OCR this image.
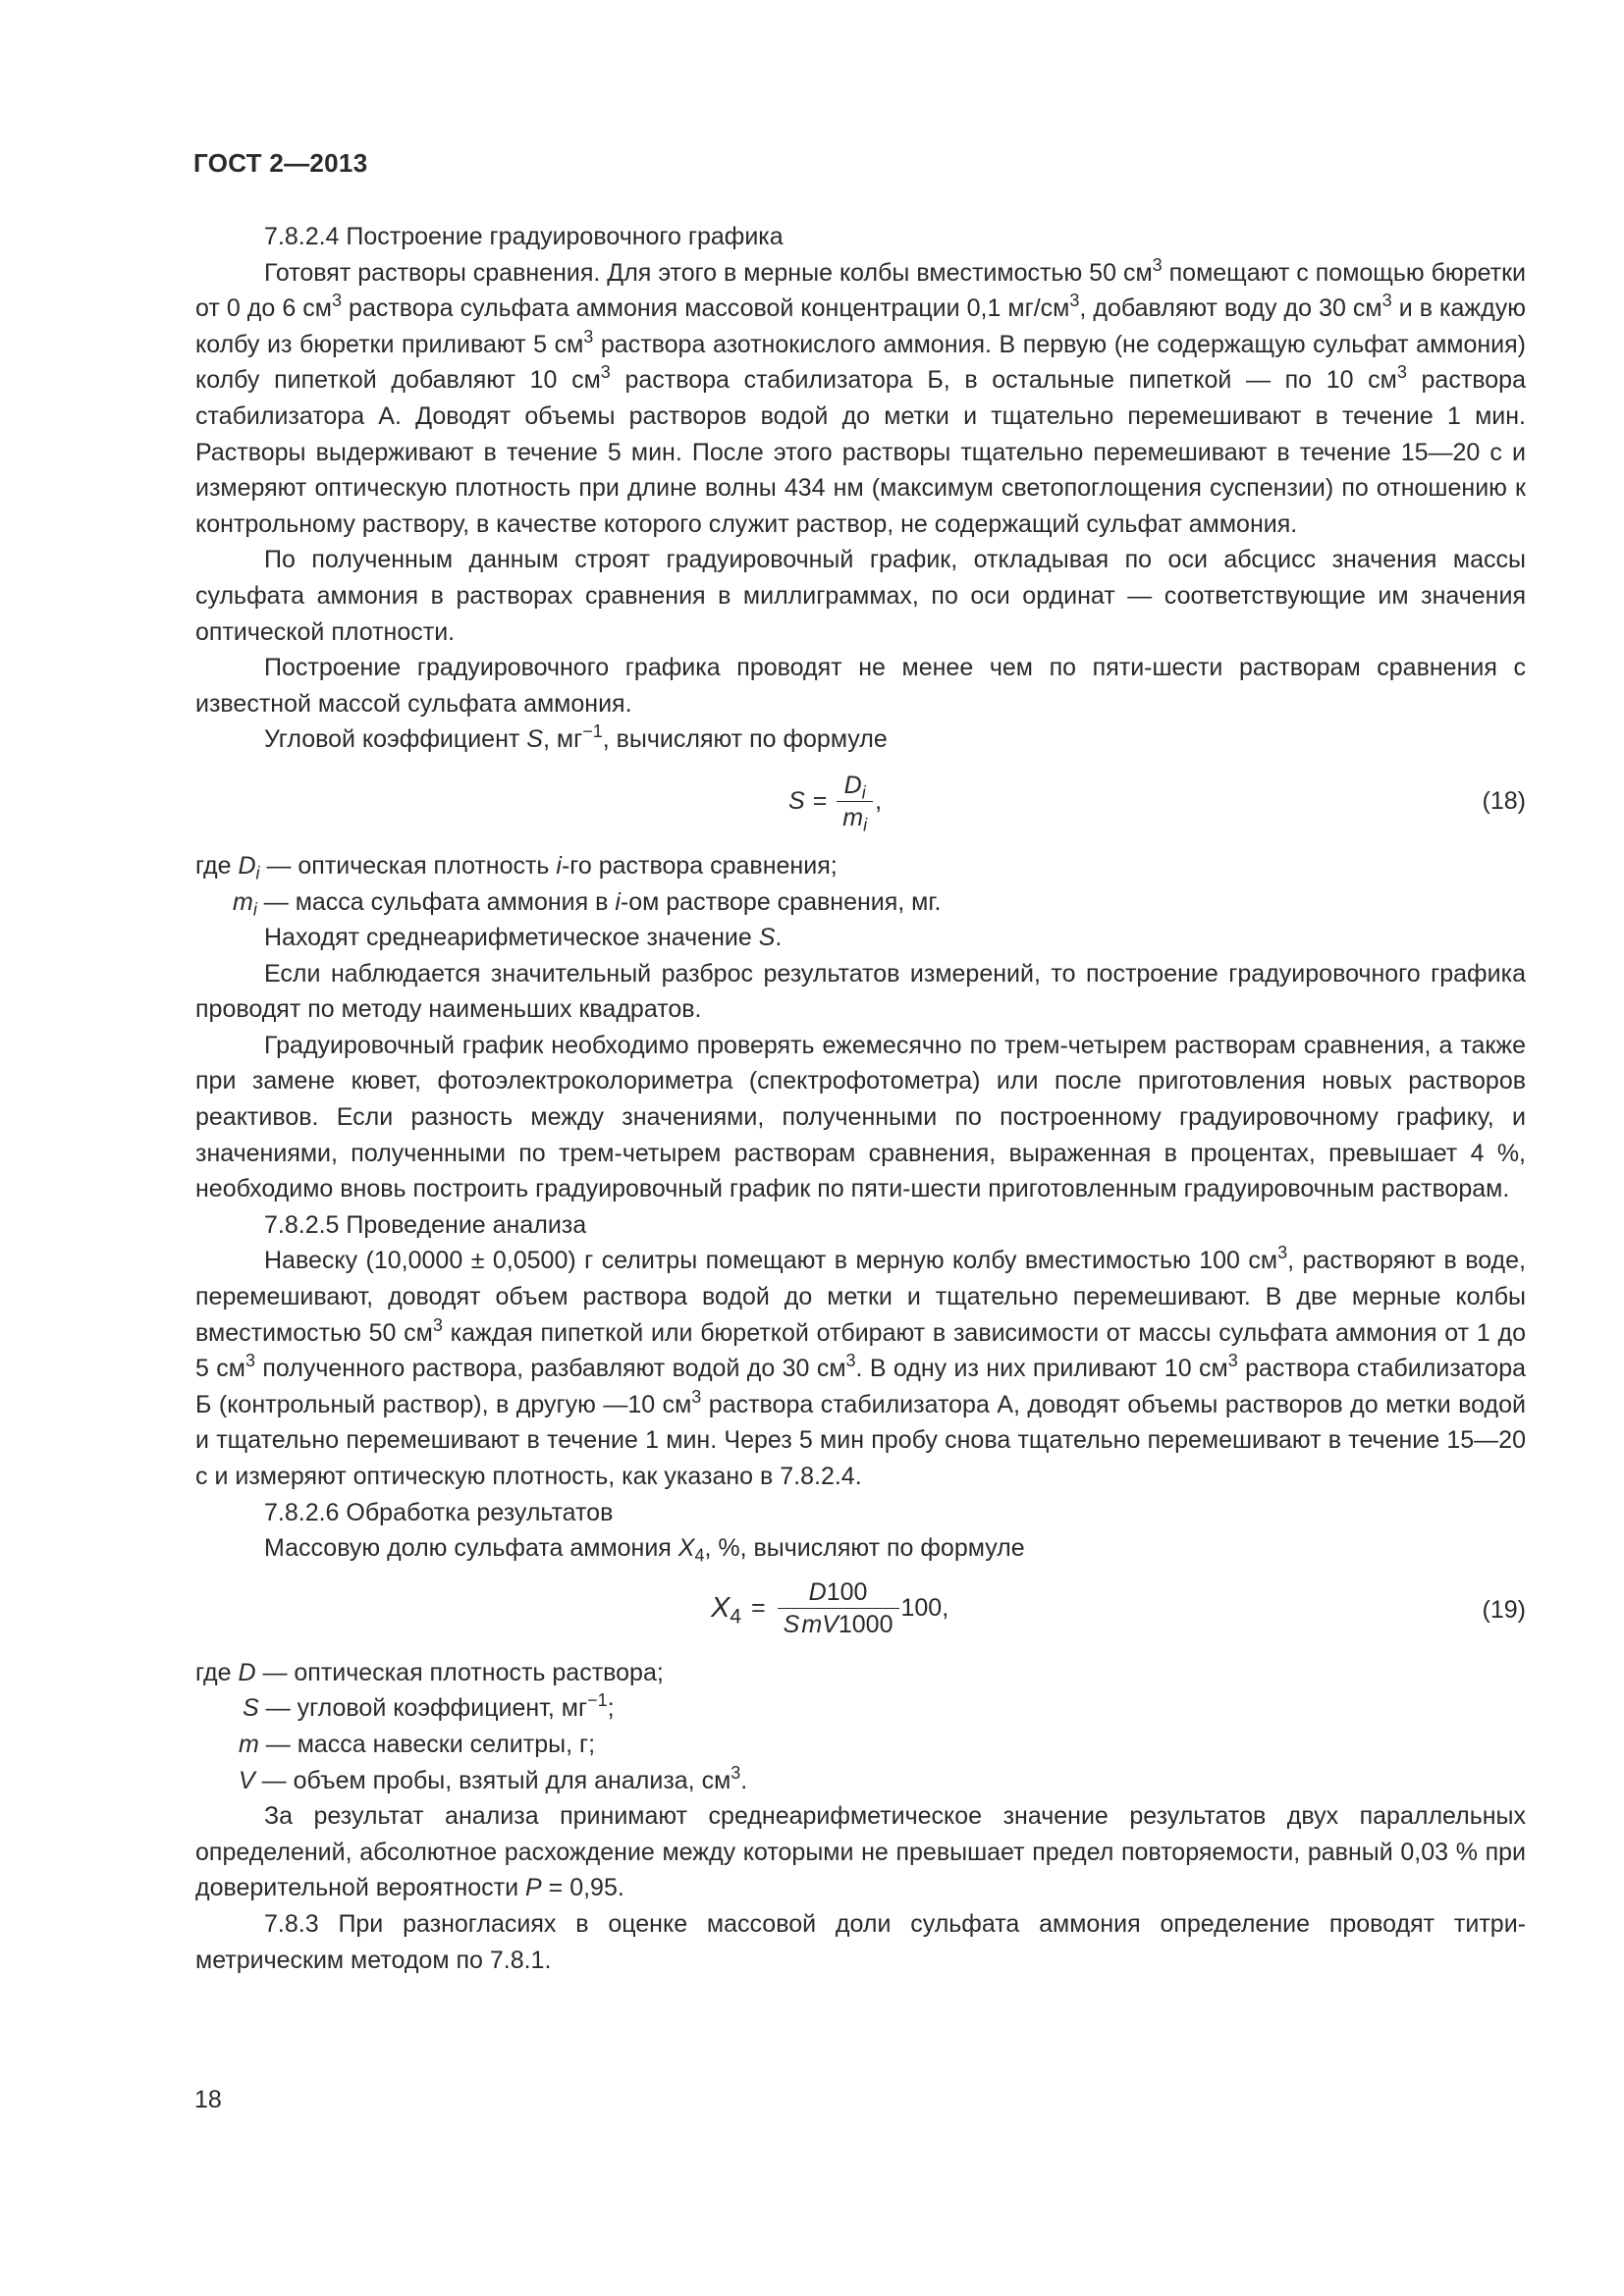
ГОСТ 2—2013

7.8.2.4 Построение градуировочного графика

Готовят растворы сравнения. Для этого в мерные колбы вместимостью 50 $см^3$ помещают с помощью бюретки от 0 до 6 $см^3$ раствора сульфата аммония массовой концентрации 0,1 $мг/см^3$, добавляют воду до 30 $см^3$ и в каждую колбу из бюретки приливают 5 $см^3$ раствора азотнокислого аммония. В первую (не содержащую сульфат аммония) колбу пипеткой добавляют 10 $см^3$ раствора стабилизатора Б, в остальные пипеткой — по 10 $см^3$ раствора стабилизатора А. Доводят объемы растворов водой до метки и тщательно перемешивают в течение 1 мин. Растворы выдерживают в течение 5 мин. После этого растворы тщательно перемешивают в течение 15—20 с и измеряют оптическую плотность при длине волны 434 нм (максимум светопоглощения суспензии) по отношению к контрольному раствору, в качестве которого служит раствор, не содержащий сульфат аммония.

По полученным данным строят градуировочный график, откладывая по оси абсцисс значения массы сульфата аммония в растворах сравнения в миллиграммах, по оси ординат — соответствующие им значения оптической плотности.

Построение градуировочного графика проводят не менее чем по пяти-шести растворам сравнения с известной массой сульфата аммония.

Угловой коэффициент S, $мг^{-1}$, вычисляют по формуле

$S = \frac{D_i}{m_i}$ ,	(18)

где $D_i$ — оптическая плотность i-го раствора сравнения;

$m_i$ — масса сульфата аммония в i-ом растворе сравнения, мг.

Находят среднеарифметическое значение S.

Если наблюдается значительный разброс результатов измерений, то построение градуировочного графика проводят по методу наименьших квадратов.

Градуировочный график необходимо проверять ежемесячно по трем-четырем растворам сравнения, а также при замене кювет, фотоэлектроколориметра (спектрофотометра) или после приготовления новых растворов реактивов. Если разность между значениями, полученными по построенному градуировочному графику, и значениями, полученными по трем-четырем растворам сравнения, выраженная в процентах, превышает 4 %, необходимо вновь построить градуировочный график по пяти-шести приготовленным градуировочным растворам.

7.8.2.5 Проведение анализа

Навеску (10,0000 ± 0,0500) г селитры помещают в мерную колбу вместимостью 100 $см^3$, растворяют в воде, перемешивают, доводят объем раствора водой до метки и тщательно перемешивают. В две мерные колбы вместимостью 50 $см^3$ каждая пипеткой или бюреткой отбирают в зависимости от массы сульфата аммония от 1 до 5 $см^3$ полученного раствора, разбавляют водой до 30 $см^3$. В одну из них приливают 10 $см^3$ раствора стабилизатора Б (контрольный раствор), в другую —10 $см^3$ раствора стабилизатора А, доводят объемы растворов до метки водой и тщательно перемешивают в течение 1 мин. Через 5 мин пробу снова тщательно перемешивают в течение 15—20 с и измеряют оптическую плотность, как указано в 7.8.2.4.

7.8.2.6 Обработка результатов

Массовую долю сульфата аммония $X_4$, %, вычисляют по формуле

$X_4 = \frac{D100}{\text{S mV1000}} 100$,	(19)

где D — оптическая плотность раствора;

S — угловой коэффициент, $мг^{-1}$;

m — масса навески селитры, г;

V — объем пробы, взятый для анализа, $см^3$.

За результат анализа принимают среднеарифметическое значение результатов двух параллельных определений, абсолютное расхождение между которыми не превышает предел повторяемости, равный 0,03 % при доверительной вероятности P = 0,95.

7.8.3 При разногласиях в оценке массовой доли сульфата аммония определение проводят титриметрическим методом по 7.8.1.

18
